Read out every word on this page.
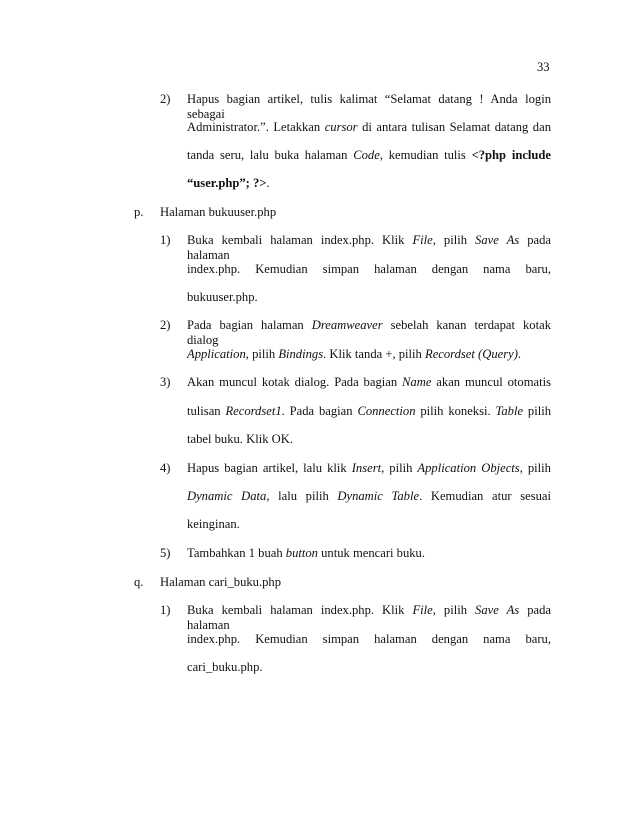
33
2) Hapus bagian artikel, tulis kalimat “Selamat datang ! Anda login sebagai
Administrator.”. Letakkan cursor di antara tulisan Selamat datang dan
tanda seru, lalu buka halaman Code, kemudian tulis <?php include
“user.php”; ?>.
p. Halaman bukuuser.php
1) Buka kembali halaman index.php. Klik File, pilih Save As pada halaman
index.php. Kemudian simpan halaman dengan nama baru,
bukuuser.php.
2) Pada bagian halaman Dreamweaver sebelah kanan terdapat kotak dialog
Application, pilih Bindings. Klik tanda +, pilih Recordset (Query).
3) Akan muncul kotak dialog. Pada bagian Name akan muncul otomatis
tulisan Recordset1. Pada bagian Connection pilih koneksi. Table pilih
tabel buku. Klik OK.
4) Hapus bagian artikel, lalu klik Insert, pilih Application Objects, pilih
Dynamic Data, lalu pilih Dynamic Table. Kemudian atur sesuai
keinginan.
5) Tambahkan 1 buah button untuk mencari buku.
q. Halaman cari_buku.php
1) Buka kembali halaman index.php. Klik File, pilih Save As pada halaman
index.php. Kemudian simpan halaman dengan nama baru,
cari_buku.php.
